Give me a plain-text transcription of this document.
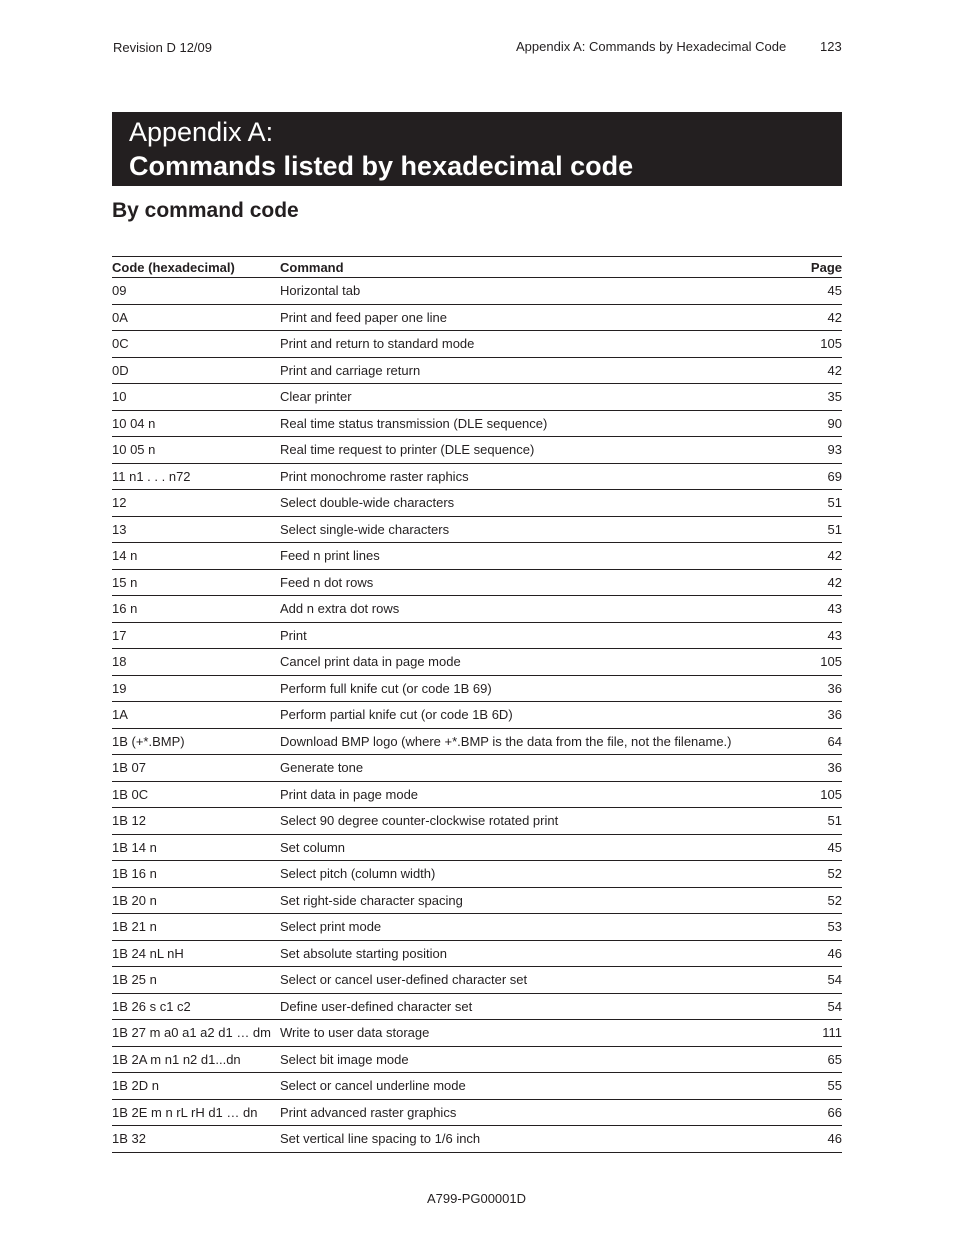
Revision D 12/09	Appendix A: Commands by Hexadecimal Code	123
Appendix A:
Commands listed by hexadecimal code
By command code
Code (hexadecimal)	Command	Page
09	Horizontal tab	45
0A	Print and feed paper one line	42
0C	Print and return to standard mode	105
0D	Print and carriage return	42
10	Clear printer	35
10 04 n	Real time status transmission (DLE sequence)	90
10 05 n	Real time request to printer (DLE sequence)	93
11 n1 . . . n72	Print monochrome raster raphics	69
12	Select double-wide characters	51
13	Select single-wide characters	51
14 n	Feed n print lines	42
15 n	Feed n dot rows	42
16 n	Add n extra dot rows	43
17	Print	43
18	Cancel print data in page mode	105
19	Perform full knife cut (or code 1B 69)	36
1A	Perform partial knife cut (or code 1B 6D)	36
1B (+*.BMP)	Download BMP logo (where +*.BMP is the data from the file, not the filename.)	64
1B 07	Generate tone	36
1B 0C	Print data in page mode	105
1B 12	Select 90 degree counter-clockwise rotated print	51
1B 14 n	Set column	45
1B 16 n	Select pitch (column width)	52
1B 20 n	Set right-side character spacing	52
1B 21 n	Select print mode	53
1B 24 nL nH	Set absolute starting position	46
1B 25 n	Select or cancel user-defined character set	54
1B 26 s c1 c2	Define user-defined character set	54
1B 27 m a0 a1 a2 d1 … dm	Write to user data storage	111
1B 2A m n1 n2 d1...dn	Select bit image mode	65
1B 2D n	Select or cancel underline mode	55
1B 2E m n rL rH d1 … dn	Print advanced raster graphics	66
1B 32	Set vertical line spacing to 1/6 inch	46
A799-PG00001D
